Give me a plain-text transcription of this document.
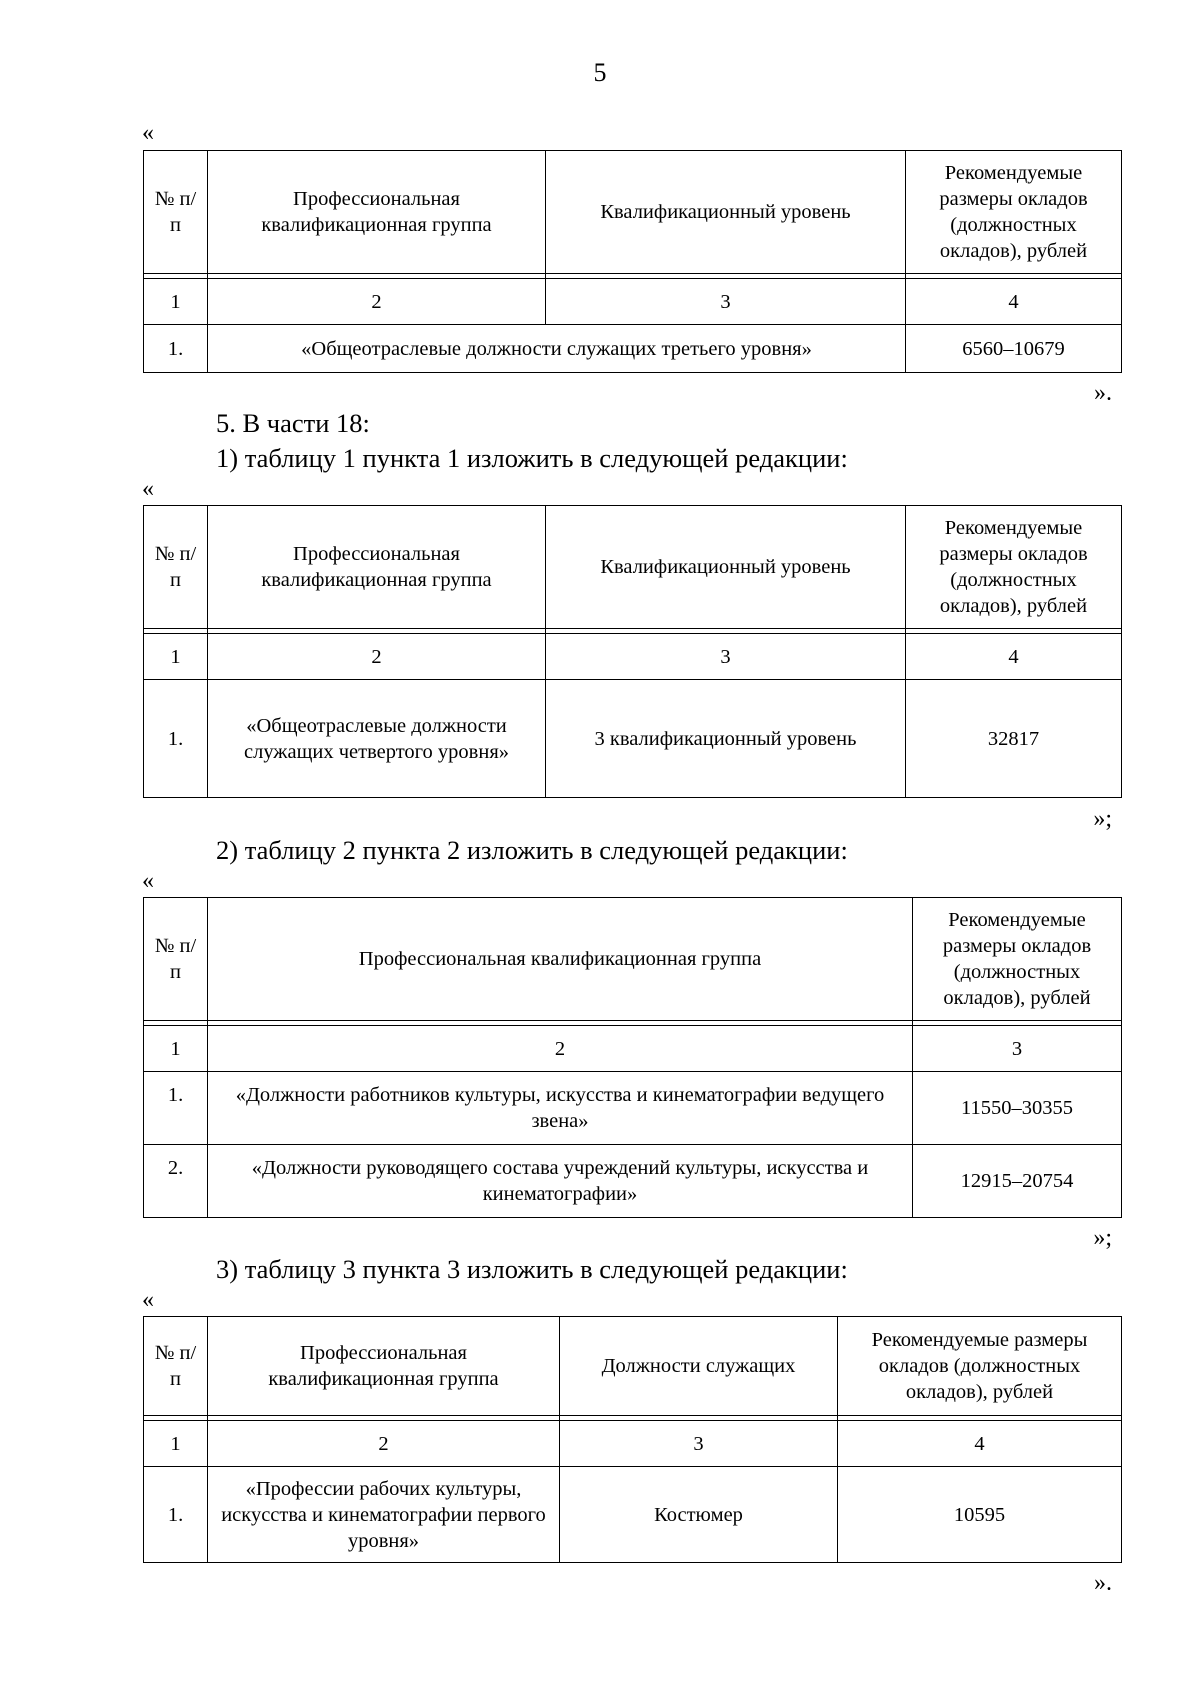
5
«
№ п/п	Профессиональная квалификационная группа	Квалификационный уровень	Рекомендуемые размеры окладов (должностных окладов), рублей

1	2	3	4
1.	«Общеотраслевые должности служащих третьего уровня»		6560–10679
».
5. В части 18:
1) таблицу 1 пункта 1 изложить в следующей редакции:
«
№ п/п	Профессиональная квалификационная группа	Квалификационный уровень	Рекомендуемые размеры окладов (должностных окладов), рублей

1	2	3	4
1.	«Общеотраслевые должности служащих четвертого уровня»	3 квалификационный уровень	32817
»;
2) таблицу 2 пункта 2 изложить в следующей редакции:
«
№ п/п	Профессиональная квалификационная группа	Рекомендуемые размеры окладов (должностных окладов), рублей

1	2	3
1.	«Должности работников культуры, искусства и кинематографии ведущего звена»	11550–30355
2.	«Должности руководящего состава учреждений культуры, искусства и кинематографии»	12915–20754
»;
3) таблицу 3 пункта 3 изложить в следующей редакции:
«
№ п/п	Профессиональная квалификационная группа	Должности служащих	Рекомендуемые размеры окладов (должностных окладов), рублей

1	2	3	4
1.	«Профессии рабочих культуры, искусства и кинематографии первого уровня»	Костюмер	10595
».
